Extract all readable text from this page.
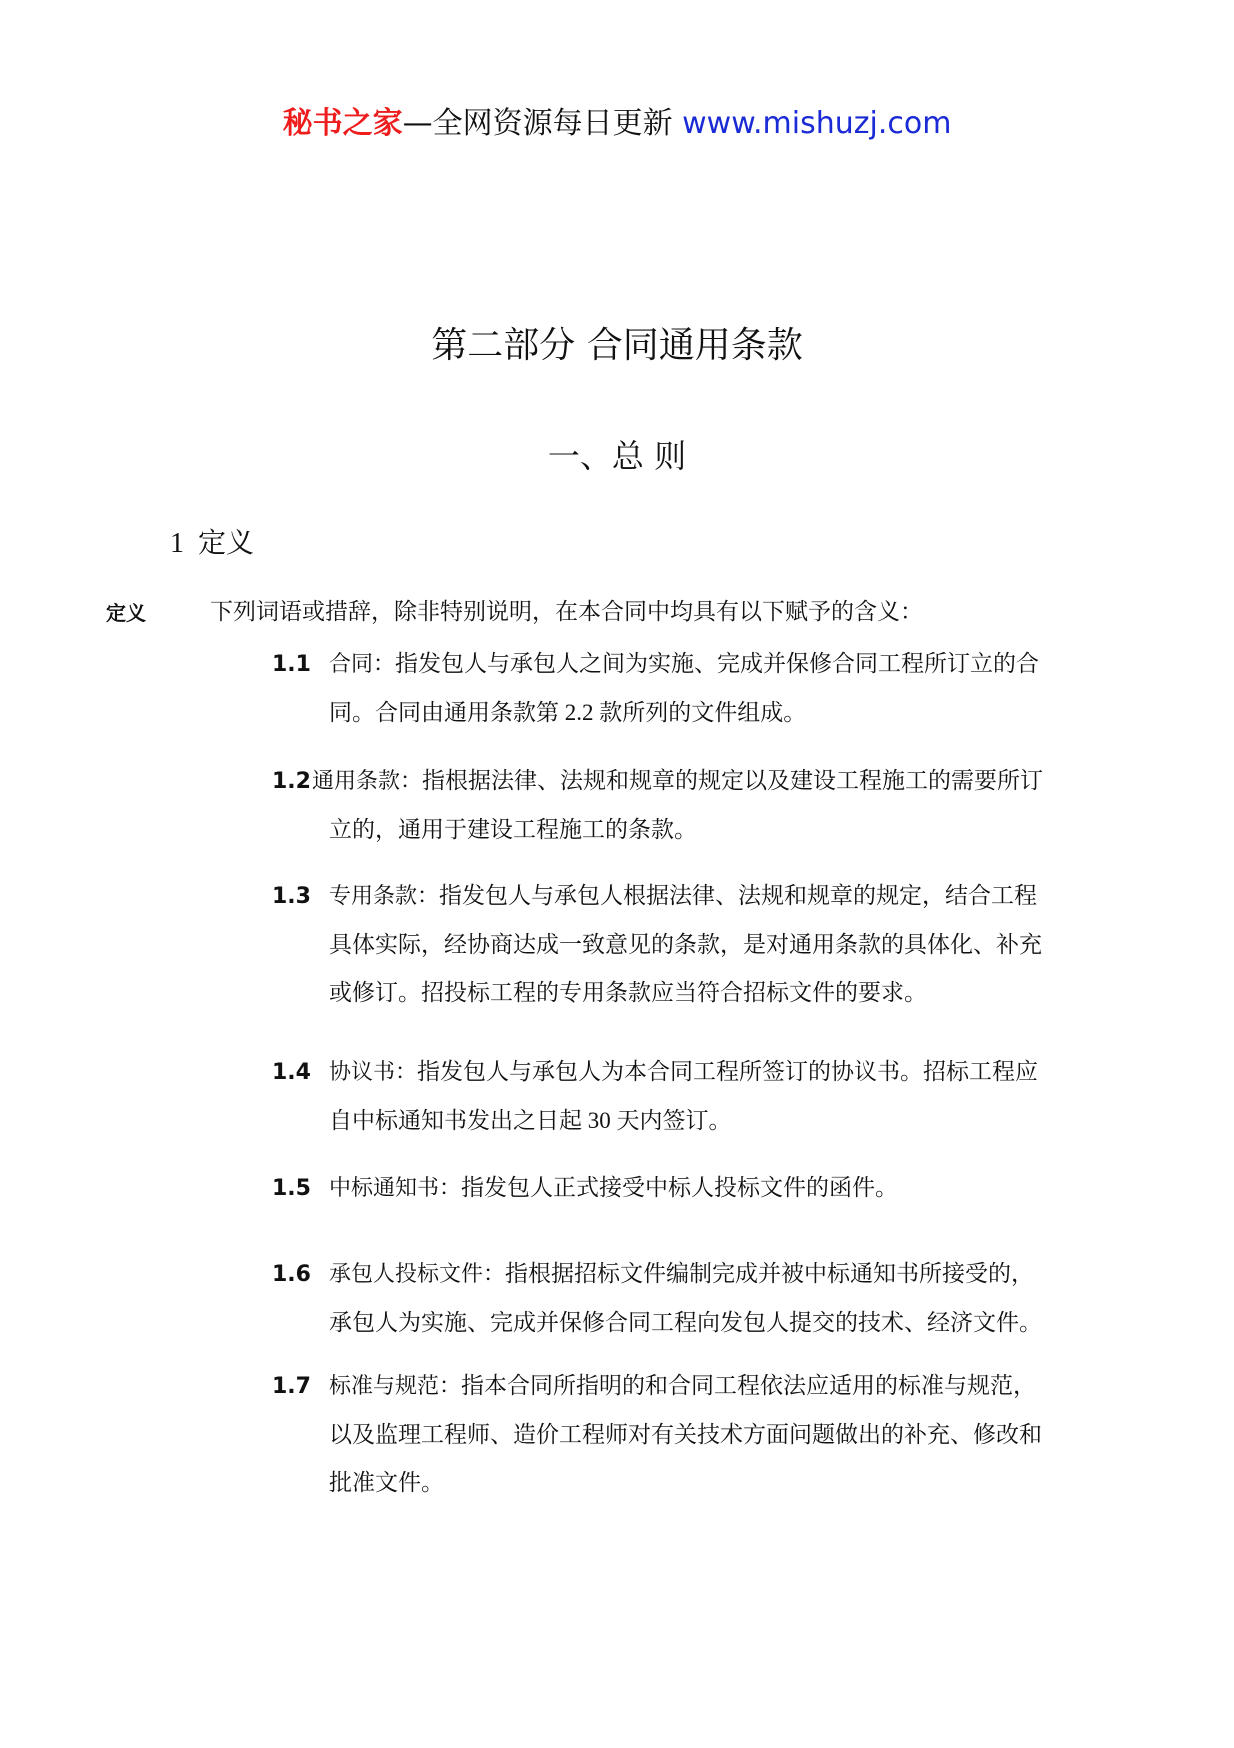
秘书之家—全网资源每日更新 www.mishuzj.com
第二部分 合同通用条款
一、总 则
1 定义
定义	下列词语或措辞，除非特别说明，在本合同中均具有以下赋予的含义：
1.1 合同：指发包人与承包人之间为实施、完成并保修合同工程所订立的合
同。合同由通用条款第 2.2 款所列的文件组成。
1.2通用条款：指根据法律、法规和规章的规定以及建设工程施工的需要所订
立的，通用于建设工程施工的条款。
1.3 专用条款：指发包人与承包人根据法律、法规和规章的规定，结合工程
具体实际，经协商达成一致意见的条款，是对通用条款的具体化、补充
或修订。招投标工程的专用条款应当符合招标文件的要求。
1.4 协议书：指发包人与承包人为本合同工程所签订的协议书。招标工程应
自中标通知书发出之日起 30 天内签订。
1.5 中标通知书：指发包人正式接受中标人投标文件的函件。
1.6 承包人投标文件：指根据招标文件编制完成并被中标通知书所接受的，
承包人为实施、完成并保修合同工程向发包人提交的技术、经济文件。
1.7 标准与规范：指本合同所指明的和合同工程依法应适用的标准与规范，
以及监理工程师、造价工程师对有关技术方面问题做出的补充、修改和
批准文件。
